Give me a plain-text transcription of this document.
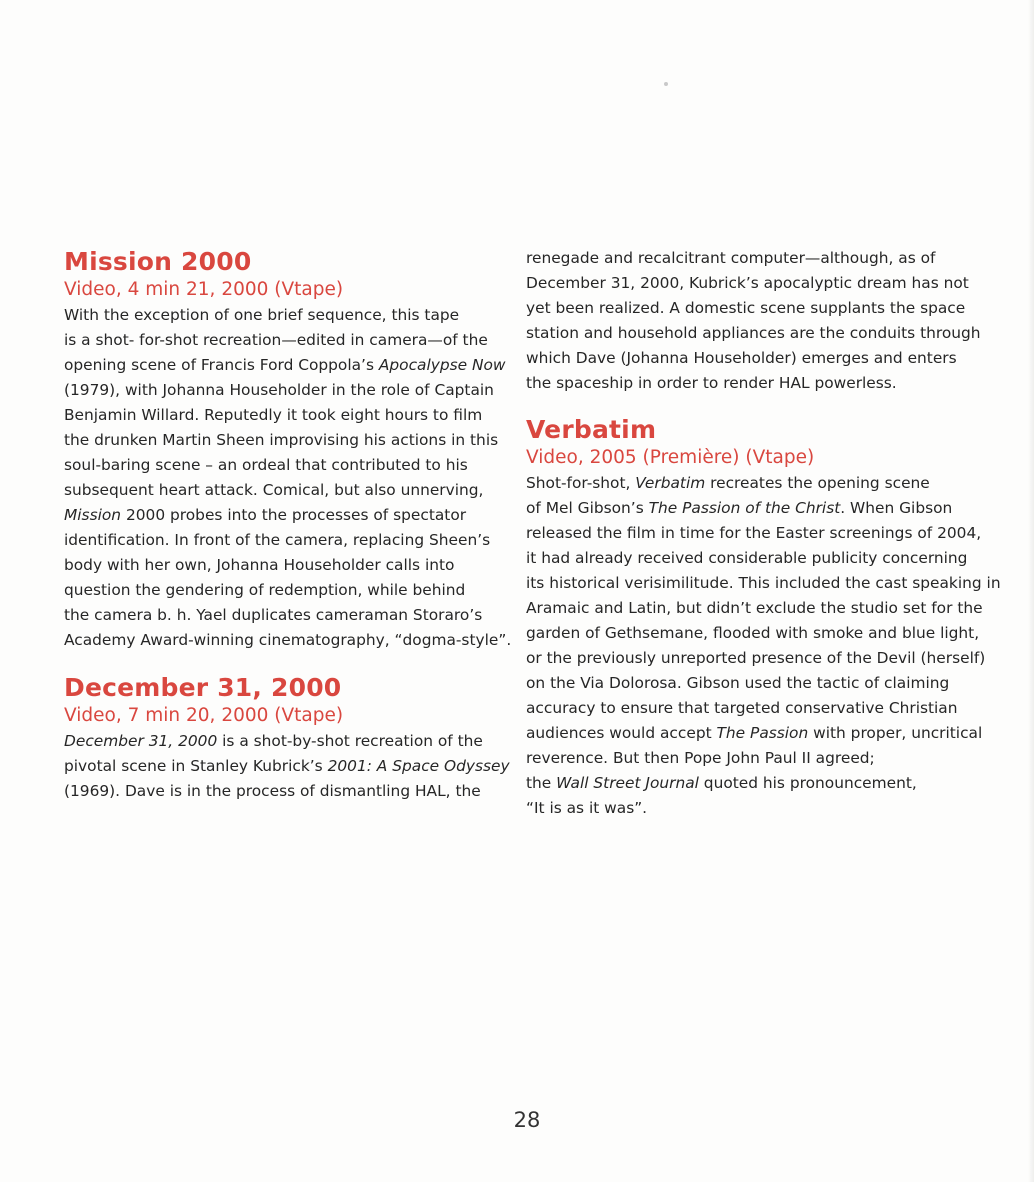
Mission 2000
Video, 4 min 21, 2000 (Vtape)
With the exception of one brief sequence, this tape
is a shot- for-shot recreation—edited in camera—of the
opening scene of Francis Ford Coppola’s Apocalypse Now
(1979), with Johanna Householder in the role of Captain
Benjamin Willard. Reputedly it took eight hours to film
the drunken Martin Sheen improvising his actions in this
soul-baring scene – an ordeal that contributed to his
subsequent heart attack. Comical, but also unnerving,
Mission 2000 probes into the processes of spectator
identification. In front of the camera, replacing Sheen’s
body with her own, Johanna Householder calls into
question the gendering of redemption, while behind
the camera b. h. Yael duplicates cameraman Storaro’s
Academy Award-winning cinematography, “dogma-style”.
December 31, 2000
Video, 7 min 20, 2000 (Vtape)
December 31, 2000 is a shot-by-shot recreation of the
pivotal scene in Stanley Kubrick’s 2001: A Space Odyssey
(1969). Dave is in the process of dismantling HAL, the
renegade and recalcitrant computer—although, as of
December 31, 2000, Kubrick’s apocalyptic dream has not
yet been realized. A domestic scene supplants the space
station and household appliances are the conduits through
which Dave (Johanna Householder) emerges and enters
the spaceship in order to render HAL powerless.
Verbatim
Video, 2005 (Première) (Vtape)
Shot-for-shot, Verbatim recreates the opening scene
of Mel Gibson’s The Passion of the Christ. When Gibson
released the film in time for the Easter screenings of 2004,
it had already received considerable publicity concerning
its historical verisimilitude. This included the cast speaking in
Aramaic and Latin, but didn’t exclude the studio set for the
garden of Gethsemane, flooded with smoke and blue light,
or the previously unreported presence of the Devil (herself)
on the Via Dolorosa. Gibson used the tactic of claiming
accuracy to ensure that targeted conservative Christian
audiences would accept The Passion with proper, uncritical
reverence. But then Pope John Paul II agreed;
the Wall Street Journal quoted his pronouncement,
“It is as it was”.
28
